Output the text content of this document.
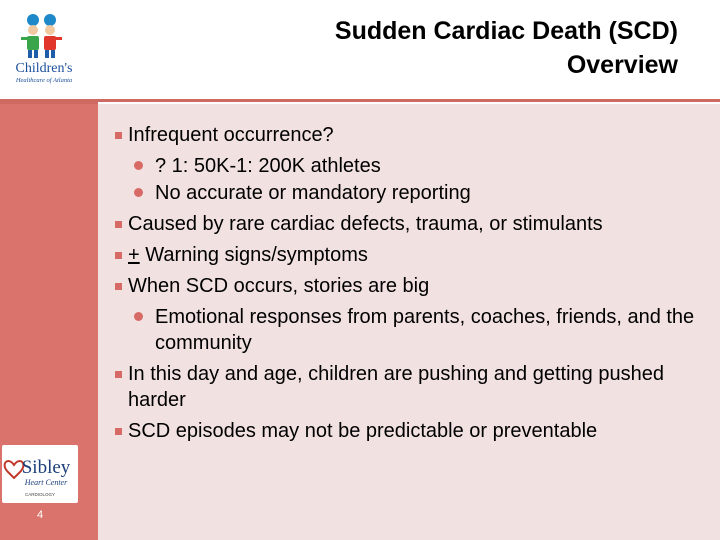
Children's
Healthcare of Atlanta
Sudden Cardiac Death (SCD)
Overview
Sibley
Heart Center
CARDIOLOGY
4
Infrequent occurrence?
? 1: 50K-1: 200K athletes
No accurate or mandatory reporting
Caused by rare cardiac defects, trauma, or stimulants
+ Warning signs/symptoms
When SCD occurs, stories are big
Emotional responses from parents, coaches, friends, and the community
In this day and age, children are pushing and getting pushed harder
SCD episodes may not be predictable or preventable
